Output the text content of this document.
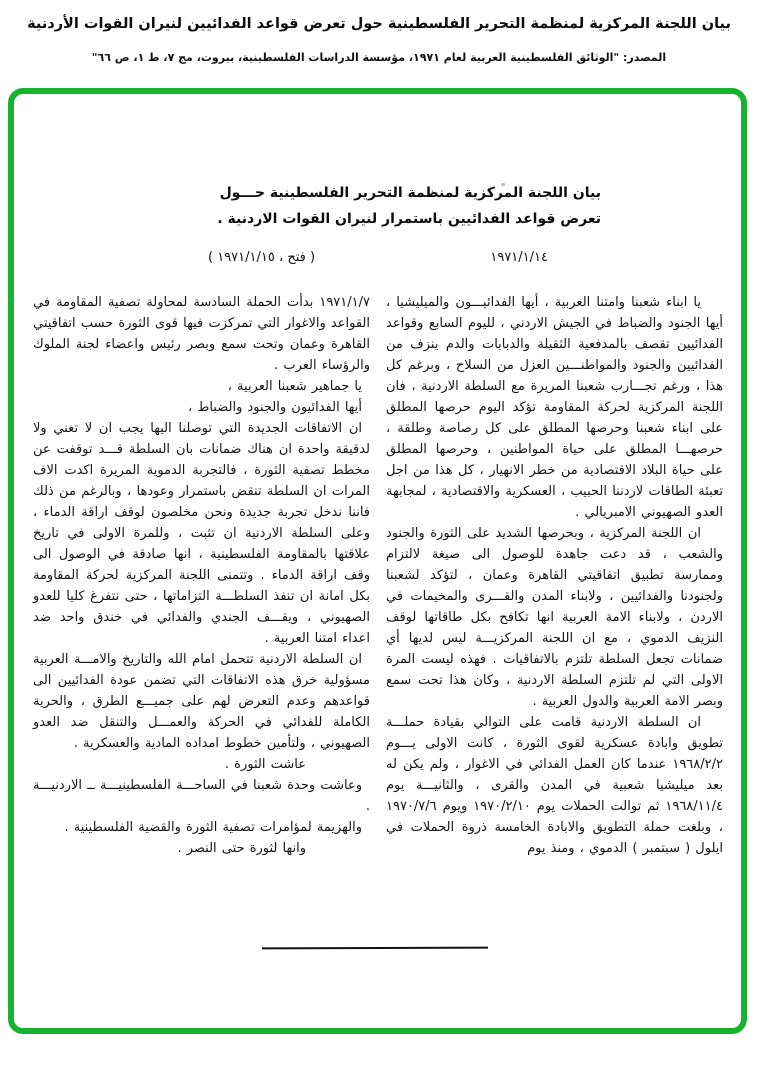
بيان اللجنة المركزية لمنظمة التحرير الفلسطينية حول تعرض قواعد الفدائيين لنيران القوات الأردنية
المصدر: "الوثائق الفلسطينية العربية لعام ١٩٧١، مؤسسة الدراسات الفلسطينية، بيروت، مج ٧، ط ١، ص ٦٦"
بيان اللجنة المركزية لمنظمة التحرير الفلسطينية حـــول
تعرض قواعد الفدائيين باستمرار لنيران القوات الاردنية .
١٩٧١/١/١٤
( فتح ، ١٩٧١/١/١٥ )

يا ابناء شعبنا وامتنا العربية ، أيها الفدائيـــون والميليشيا ، أيها الجنود والضباط في الجيش الاردني ، لليوم السابع وقواعد الفدائيين تقصف بالمدفعية الثقيلة والدبابات والدم ينزف من الفدائيين والجنود والمواطنـــين العزل من السلاح ، وبرغم كل هذا ، ورغم تجـــارب شعبنا المريرة مع السلطة الاردنية ، فان اللجنة المركزية لحركة المقاومة تؤكد اليوم حرصها المطلق على ابناء شعبنا وحرصها المطلق على كل رصاصة وطلقة ، حرصهـــا المطلق على حياة المواطنين ، وحرصها المطلق على حياة البلاد الاقتصادية من خطر الانهيار ، كل هذا من اجل تعبئة الطاقات لاردننا الحبيب ، العسكرية والاقتصادية ، لمجابهة العدو الصهيوني الامبريالي .

ان اللجنة المركزية ، وبحرصها الشديد على الثورة والجنود والشعب ، قد دعت جاهدة للوصول الى صيغة لالتزام وممارسة تطبيق اتفاقيتي القاهرة وعمان ، لتؤكد لشعبنا ولجنودنا والفدائيين ، ولابناء المدن والقـــرى والمخيمات في الاردن ، ولابناء الامة العربية انها تكافح بكل طاقاتها لوقف النزيف الدموي ، مع ان اللجنة المركزيـــة ليس لديها أي ضمانات تجعل السلطة تلتزم بالاتفاقيات . فهذه ليست المرة الاولى التي لم تلتزم السلطة الاردنية ، وكان هذا تحت سمع وبصر الامة العربية والدول العربية .

ان السلطة الاردنية قامت على التوالي بقيادة حملـــة تطويق وابادة عسكرية لقوى الثورة ، كانت الاولى يـــوم ١٩٦٨/٢/٢ عندما كان العمل الفدائي في الاغوار ، ولم يكن له بعد ميليشيا شعبية في المدن والقرى ، والثانيـــة يوم ١٩٦٨/١١/٤ ثم توالت الحملات يوم ١٩٧٠/٢/١٠ ويوم ١٩٧٠/٧/٦ ، وبلغت حملة التطويق والابادة الخامسة ذروة الحملات في ايلول ( سبتمبر ) الدموي ، ومنذ يوم

١٩٧١/١/٧ بدأت الحملة السادسة لمحاولة تصفية المقاومة في القواعد والاغوار التي تمركزت فيها قوى الثورة حسب اتفاقيتي القاهرة وعمان وتحت سمع وبصر رئيس واعضاء لجنة الملوك والرؤساء العرب .

يا جماهير شعبنا العربية ،

أيها الفدائيون والجنود والضباط ،

ان الاتفاقات الجديدة التي توصلنا اليها يجب ان لا تعني ولا لدقيقة واحدة ان هناك ضمانات بان السلطة قـــد توقفت عن مخطط تصفية الثورة ، فالتجربة الدموية المريرة اكدت الاف المرات ان السلطة تنقض باستمرار وعودها ، وبالرغم من ذلك فاننا ندخل تجربة جديدة ونحن مخلصون لوقف اراقة الدماء ، وعلى السلطة الاردنية ان تثبت ، وللمرة الاولى في تاريخ علاقتها بالمقاومة الفلسطينية ، انها صادقة في الوصول الى وقف اراقة الدماء . وتتمنى اللجنة المركزية لحركة المقاومة بكل امانة ان تنفذ السلطـــة التزاماتها ، حتى نتفرغ كليا للعدو الصهيوني ، ويقـــف الجندي والفدائي في خندق واحد ضد اعداء امتنا العربية .

ان السلطة الاردنية تتحمل امام الله والتاريخ والامـــة العربية مسؤولية خرق هذه الاتفاقات التي تضمن عودة الفدائيين الى قواعدهم وعدم التعرض لهم على جميـــع الطرق ، والحرية الكاملة للفدائي في الحركة والعمـــل والتنقل ضد العدو الصهيوني ، ولتأمين خطوط امداده المادية والعسكرية .

عاشت الثورة .

وعاشت وحدة شعبنا في الساحـــة الفلسطينيـــة ــ الاردنيـــة .

والهزيمة لمؤامرات تصفية الثورة والقضية الفلسطينية .

وانها لثورة حتى النصر .
